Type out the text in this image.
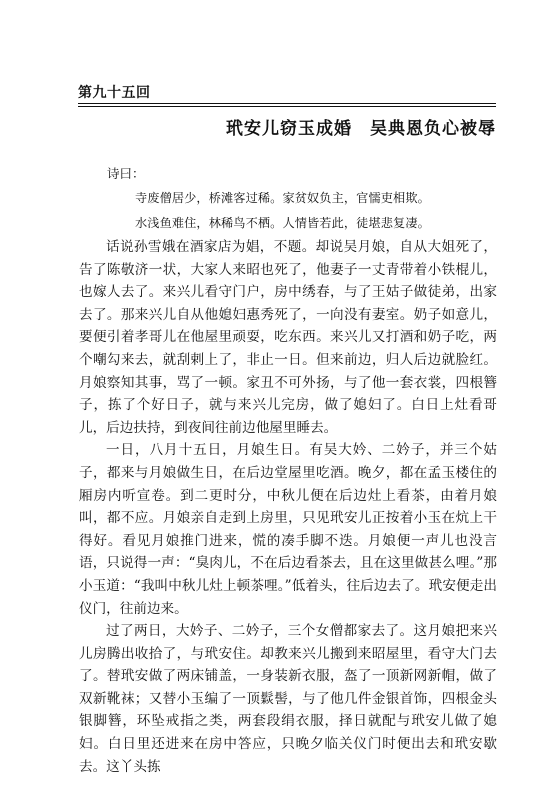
第九十五回
玳安儿窃玉成婚 吴典恩负心被辱
诗曰：
寺废僧居少，桥滩客过稀。家贫奴负主，官懦吏相欺。
水浅鱼难住，林稀鸟不栖。人情皆若此，徒堪悲复凄。

话说孙雪娥在酒家店为娼，不题。却说吴月娘，自从大姐死了，告了陈敬济一状，大家人来昭也死了，他妻子一丈青带着小铁棍儿，也嫁人去了。来兴儿看守门户，房中绣春，与了王姑子做徒弟，出家去了。那来兴儿自从他媳妇惠秀死了，一向没有妻室。奶子如意儿，要便引着孝哥儿在他屋里顽耍，吃东西。来兴儿又打酒和奶子吃，两个嘲勾来去，就刮剌上了，非止一日。但来前边，归人后边就脸红。月娘察知其事，骂了一顿。家丑不可外扬，与了他一套衣裳，四根簪子，拣了个好日子，就与来兴儿完房，做了媳妇了。白日上灶看哥儿，后边扶持，到夜间往前边他屋里睡去。

一日，八月十五日，月娘生日。有吴大妗、二妗子，并三个姑子，都来与月娘做生日，在后边堂屋里吃酒。晚夕，都在孟玉楼住的厢房内听宣卷。到二更时分，中秋儿便在后边灶上看茶，由着月娘叫，都不应。月娘亲自走到上房里，只见玳安儿正按着小玉在炕上干得好。看见月娘推门进来，慌的凑手脚不迭。月娘便一声儿也没言语，只说得一声：“臭肉儿，不在后边看茶去，且在这里做甚么哩。”那小玉道：“我叫中秋儿灶上顿茶哩。”低着头，往后边去了。玳安便走出仪门，往前边来。

过了两日，大妗子、二妗子，三个女僧都家去了。这月娘把来兴儿房腾出收拾了，与玳安住。却教来兴儿搬到来昭屋里，看守大门去了。替玳安做了两床铺盖，一身装新衣服，盔了一顶新网新帽，做了双新靴袜；又替小玉编了一顶鬏髻，与了他几件金银首饰，四根金头银脚簪，环坠戒指之类，两套段绢衣服，择日就配与玳安儿做了媳妇。白日里还进来在房中答应，只晚夕临关仪门时便出去和玳安歇去。这丫头拣
